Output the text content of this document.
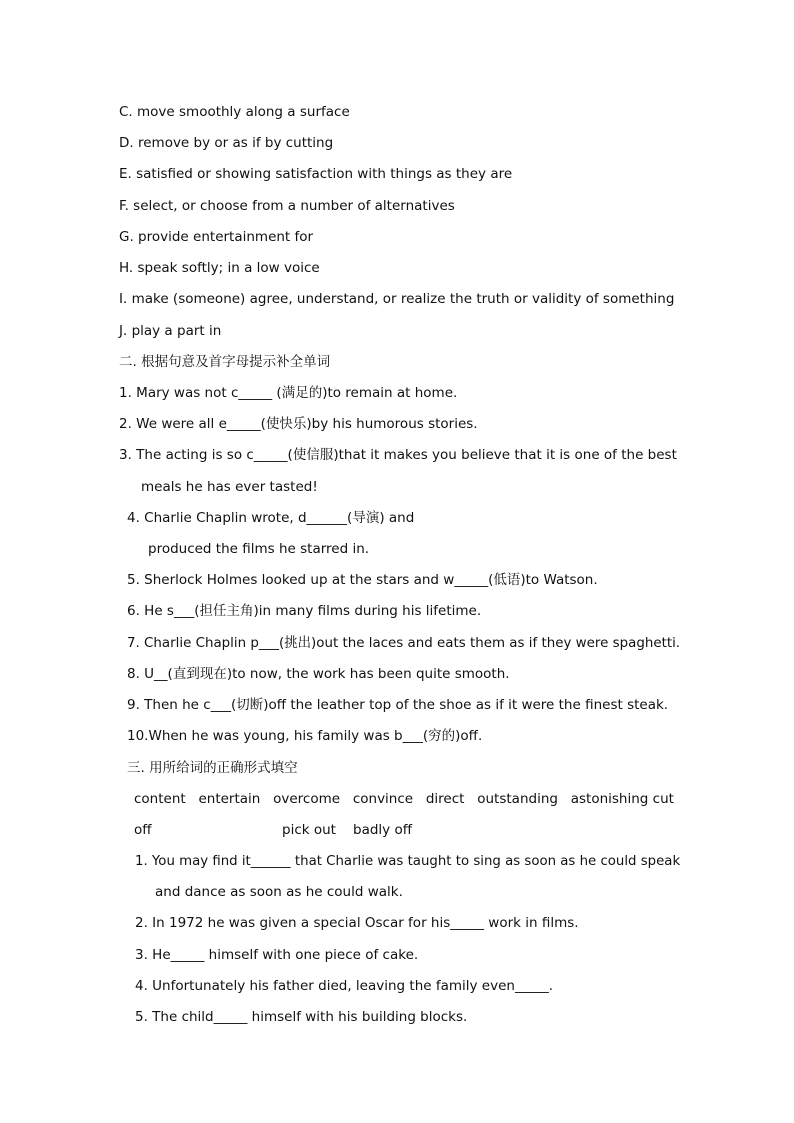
C. move smoothly along a surface
D. remove by or as if by cutting
E. satisfied or showing satisfaction with things as they are
F. select, or choose from a number of alternatives
G. provide entertainment for
H. speak softly; in a low voice
I. make (someone) agree, understand, or realize the truth or validity of something
J. play a part in
二. 根据句意及首字母提示补全单词
1. Mary was not c_____ (满足的)to remain at home.
2. We were all e_____(使快乐)by his humorous stories.
3. The acting is so c_____(使信服)that it makes you believe that it is one of the best
meals he has ever tasted!
4. Charlie Chaplin wrote, d______(导演) and
produced the films he starred in.
5. Sherlock Holmes looked up at the stars and w_____(低语)to Watson.
6. He s___(担任主角)in many films during his lifetime.
7. Charlie Chaplin p___(挑出)out the laces and eats them as if they were spaghetti.
8. U__(直到现在)to now, the work has been quite smooth.
9. Then he c___(切断)off the leather top of the shoe as if it were the finest steak.
10.When he was young, his family was b___(穷的)off.
三. 用所给词的正确形式填空
content entertain overcome convince direct outstanding astonishing cut
off	pick out badly off
1. You may find it______ that Charlie was taught to sing as soon as he could speak
and dance as soon as he could walk.
2. In 1972 he was given a special Oscar for his_____ work in films.
3. He_____ himself with one piece of cake.
4. Unfortunately his father died, leaving the family even_____.
5. The child_____ himself with his building blocks.
